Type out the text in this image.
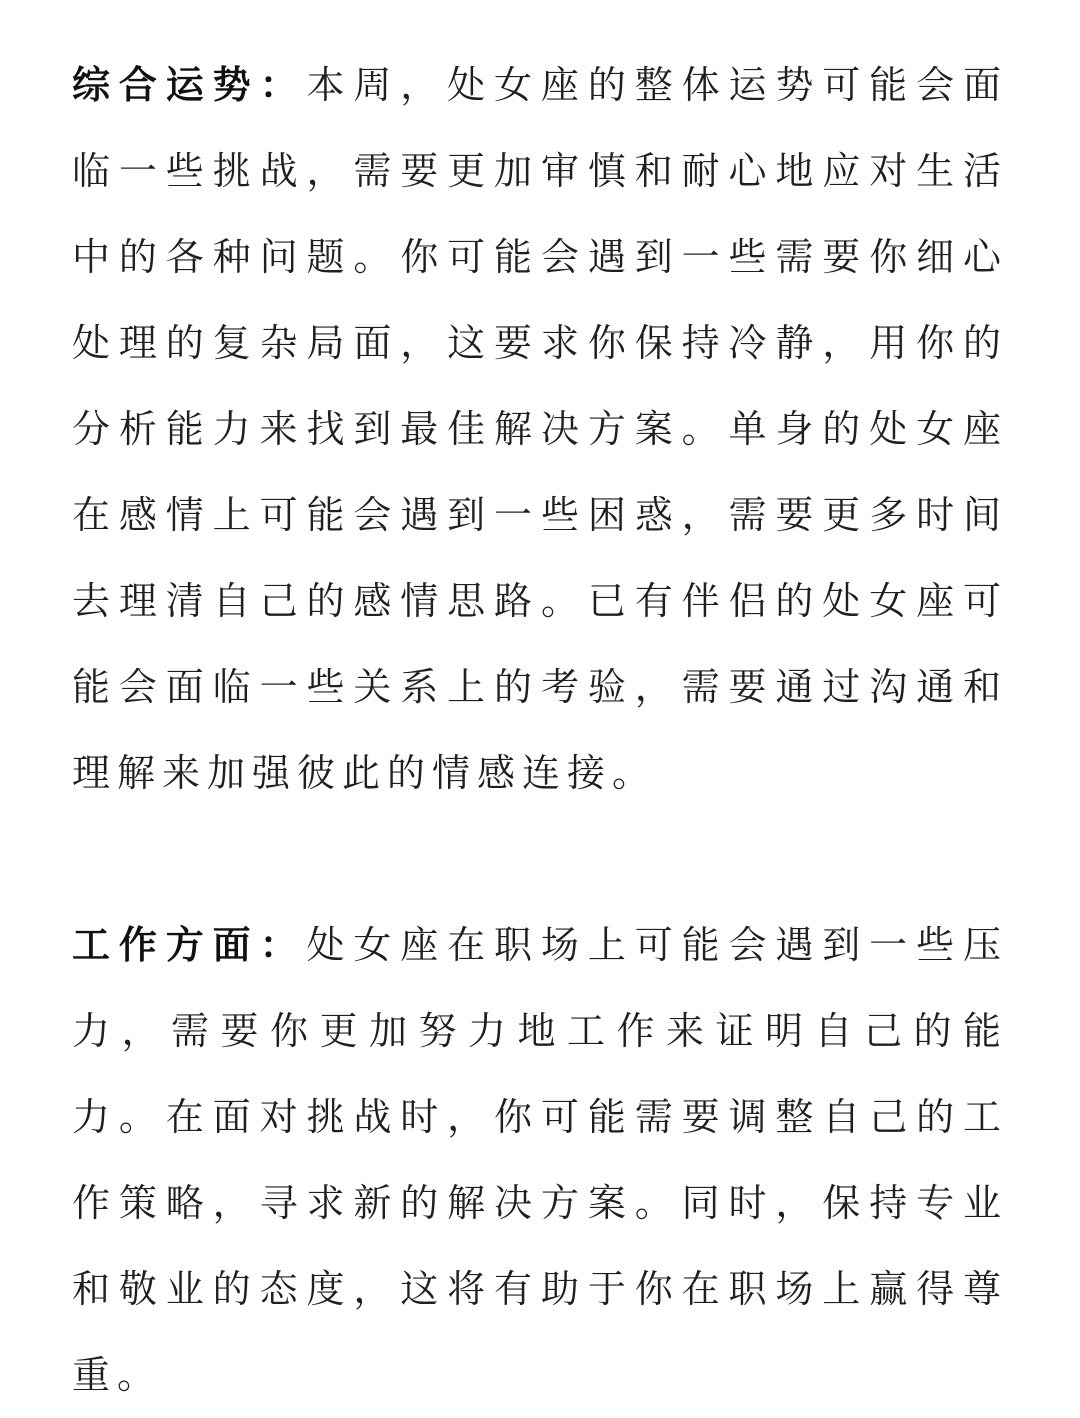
综合运势：本周，处女座的整体运势可能会面临一些挑战，需要更加审慎和耐心地应对生活中的各种问题。你可能会遇到一些需要你细心处理的复杂局面，这要求你保持冷静，用你的分析能力来找到最佳解决方案。单身的处女座在感情上可能会遇到一些困惑，需要更多时间去理清自己的感情思路。已有伴侣的处女座可能会面临一些关系上的考验，需要通过沟通和理解来加强彼此的情感连接。

工作方面：处女座在职场上可能会遇到一些压力，需要你更加努力地工作来证明自己的能力。在面对挑战时，你可能需要调整自己的工作策略，寻求新的解决方案。同时，保持专业和敬业的态度，这将有助于你在职场上赢得尊重。
